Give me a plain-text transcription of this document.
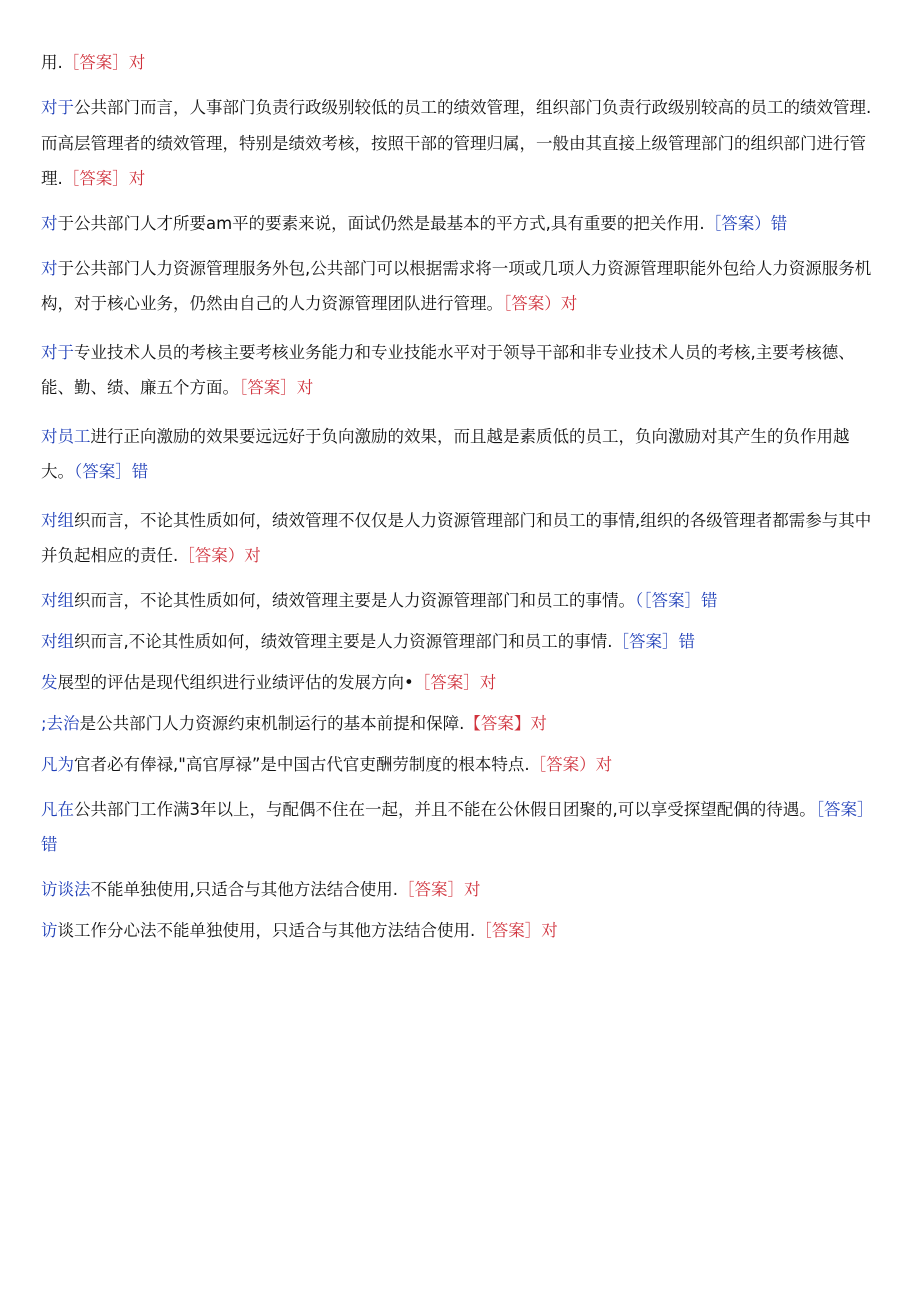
用.［答案］对

对于公共部门而言，人事部门负责行政级别较低的员工的绩效管理，组织部门负责行政级别较高的员工的绩效管理.而高层管理者的绩效管理，特别是绩效考核，按照干部的管理归属，一般由其直接上级管理部门的组织部门进行管理.［答案］对

对于公共部门人才所要am平的要素来说，面试仍然是最基本的平方式,具有重要的把关作用.［答案）错

对于公共部门人力资源管理服务外包,公共部门可以根据需求将一项或几项人力资源管理职能外包给人力资源服务机构，对于核心业务，仍然由自己的人力资源管理团队进行管理。［答案）对

对于专业技术人员的考核主要考核业务能力和专业技能水平对于领导干部和非专业技术人员的考核,主要考核德、能、勤、绩、廉五个方面。［答案］对

对员工进行正向激励的效果要远远好于负向激励的效果，而且越是素质低的员工，负向激励对其产生的负作用越大。（答案］错

对组织而言，不论其性质如何，绩效管理不仅仅是人力资源管理部门和员工的事情,组织的各级管理者都需参与其中并负起相应的责任.［答案）对

对组织而言，不论其性质如何，绩效管理主要是人力资源管理部门和员工的事情。（［答案］错

对组织而言,不论其性质如何，绩效管理主要是人力资源管理部门和员工的事情.［答案］错

发展型的评估是现代组织进行业绩评估的发展方向•［答案］对

;去治是公共部门人力资源约束机制运行的基本前提和保障.【答案】对

凡为官者必有俸禄,"高官厚禄”是中国古代官吏酬劳制度的根本特点.［答案）对

凡在公共部门工作满3年以上，与配偶不住在一起，并且不能在公休假日团聚的,可以享受探望配偶的待遇。［答案］错

访谈法不能单独使用,只适合与其他方法结合使用.［答案］对

访谈工作分心法不能单独使用，只适合与其他方法结合使用.［答案］对
